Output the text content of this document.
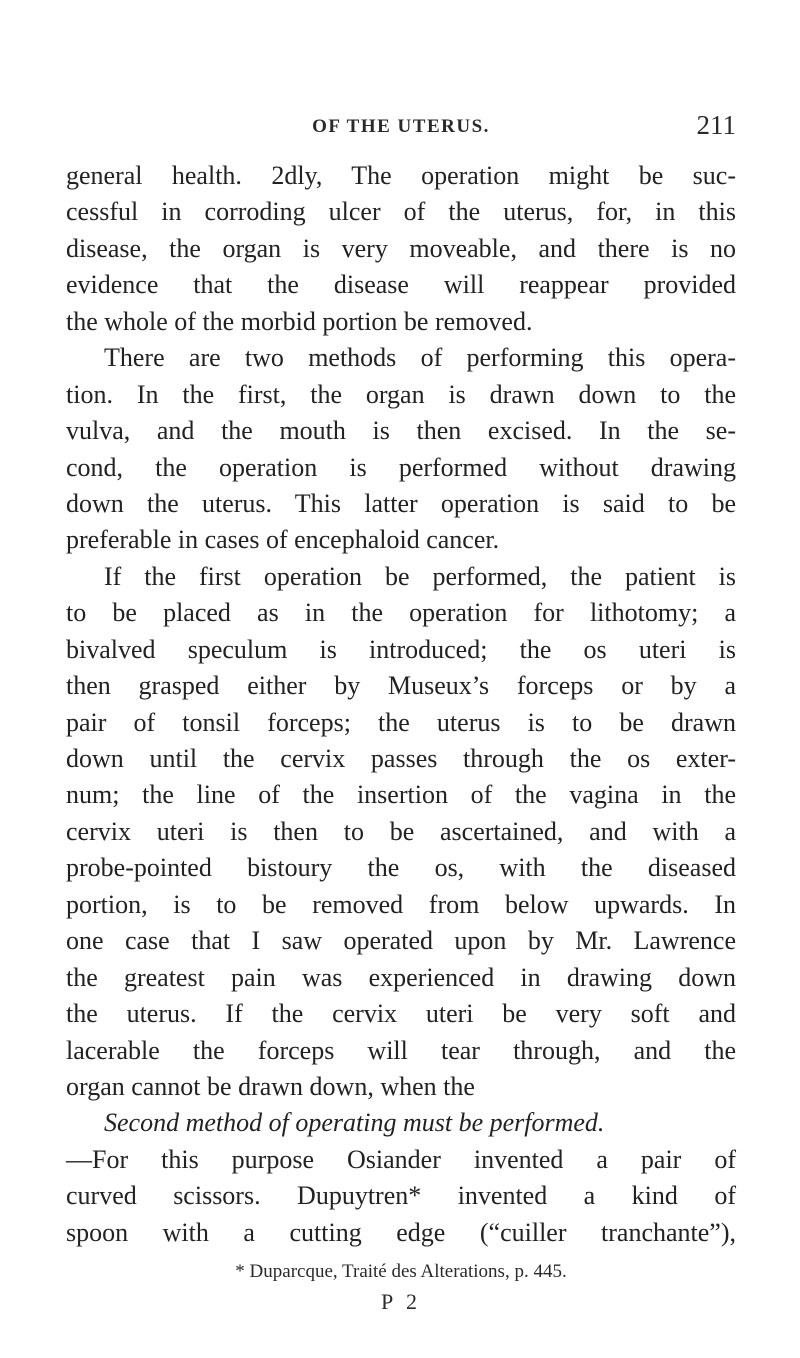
OF THE UTERUS.	211
general health. 2dly, The operation might be suc-
cessful in corroding ulcer of the uterus, for, in this
disease, the organ is very moveable, and there is no
evidence that the disease will reappear provided
the whole of the morbid portion be removed.
There are two methods of performing this opera-
tion. In the first, the organ is drawn down to the
vulva, and the mouth is then excised. In the se-
cond, the operation is performed without drawing
down the uterus. This latter operation is said to be
preferable in cases of encephaloid cancer.
If the first operation be performed, the patient is
to be placed as in the operation for lithotomy; a
bivalved speculum is introduced; the os uteri is
then grasped either by Museux’s forceps or by a
pair of tonsil forceps; the uterus is to be drawn
down until the cervix passes through the os exter-
num; the line of the insertion of the vagina in the
cervix uteri is then to be ascertained, and with a
probe-pointed bistoury the os, with the diseased
portion, is to be removed from below upwards. In
one case that I saw operated upon by Mr. Lawrence
the greatest pain was experienced in drawing down
the uterus. If the cervix uteri be very soft and
lacerable the forceps will tear through, and the
organ cannot be drawn down, when the
Second method of operating must be performed.
—For this purpose Osiander invented a pair of
curved scissors. Dupuytren* invented a kind of
spoon with a cutting edge (“cuiller tranchante”),
* Duparcque, Traité des Alterations, p. 445.
P 2
